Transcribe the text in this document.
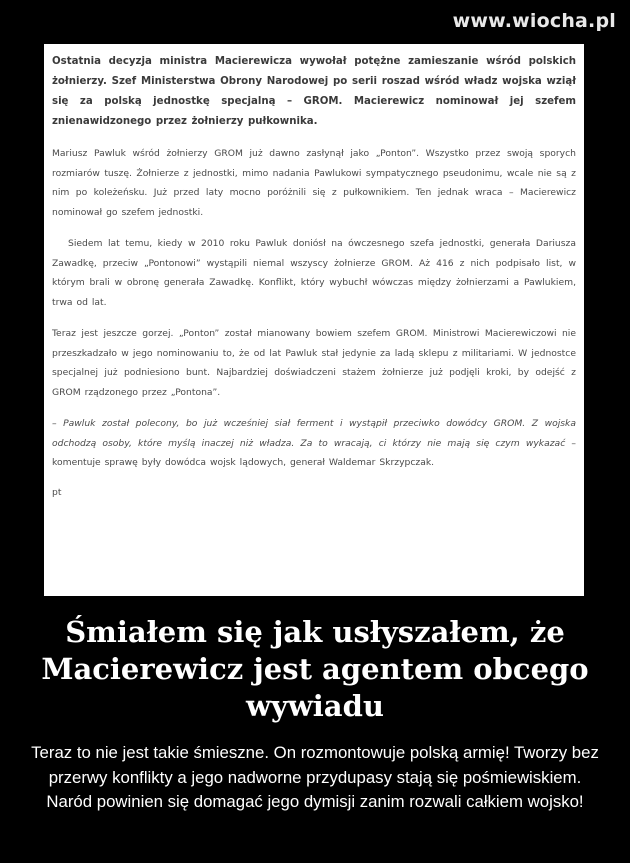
www.wiocha.pl

Ostatnia decyzja ministra Macierewicza wywołał potężne zamieszanie wśród polskich żołnierzy. Szef Ministerstwa Obrony Narodowej po serii roszad wśród władz wojska wziął się za polską jednostkę specjalną – GROM. Macierewicz nominował jej szefem znienawidzonego przez żołnierzy pułkownika.

Mariusz Pawluk wśród żołnierzy GROM już dawno zasłynął jako „Ponton”. Wszystko przez swoją sporych rozmiarów tuszę. Żołnierze z jednostki, mimo nadania Pawlukowi sympatycznego pseudonimu, wcale nie są z nim po koleżeńsku. Już przed laty mocno poróżnili się z pułkownikiem. Ten jednak wraca – Macierewicz nominował go szefem jednostki.

Siedem lat temu, kiedy w 2010 roku Pawluk doniósł na ówczesnego szefa jednostki, generała Dariusza Zawadkę, przeciw „Pontonowi” wystąpili niemal wszyscy żołnierze GROM. Aż 416 z nich podpisało list, w którym brali w obronę generała Zawadkę. Konflikt, który wybuchł wówczas między żołnierzami a Pawlukiem, trwa od lat.

Teraz jest jeszcze gorzej. „Ponton” został mianowany bowiem szefem GROM. Ministrowi Macierewiczowi nie przeszkadzało w jego nominowaniu to, że od lat Pawluk stał jedynie za ladą sklepu z militariami. W jednostce specjalnej już podniesiono bunt. Najbardziej doświadczeni stażem żołnierze już podjęli kroki, by odejść z GROM rządzonego przez „Pontona”.

– Pawluk został polecony, bo już wcześniej siał ferment i wystąpił przeciwko dowódcy GROM. Z wojska odchodzą osoby, które myślą inaczej niż władza. Za to wracają, ci którzy nie mają się czym wykazać – komentuje sprawę były dowódca wojsk lądowych, generał Waldemar Skrzypczak.

pt
Śmiałem się jak usłyszałem, że Macierewicz jest agentem obcego wywiadu

Teraz to nie jest takie śmieszne. On rozmontowuje polską armię! Tworzy bez przerwy konflikty a jego nadworne przydupasy stają się pośmiewiskiem. Naród powinien się domagać jego dymisji zanim rozwali całkiem wojsko!
